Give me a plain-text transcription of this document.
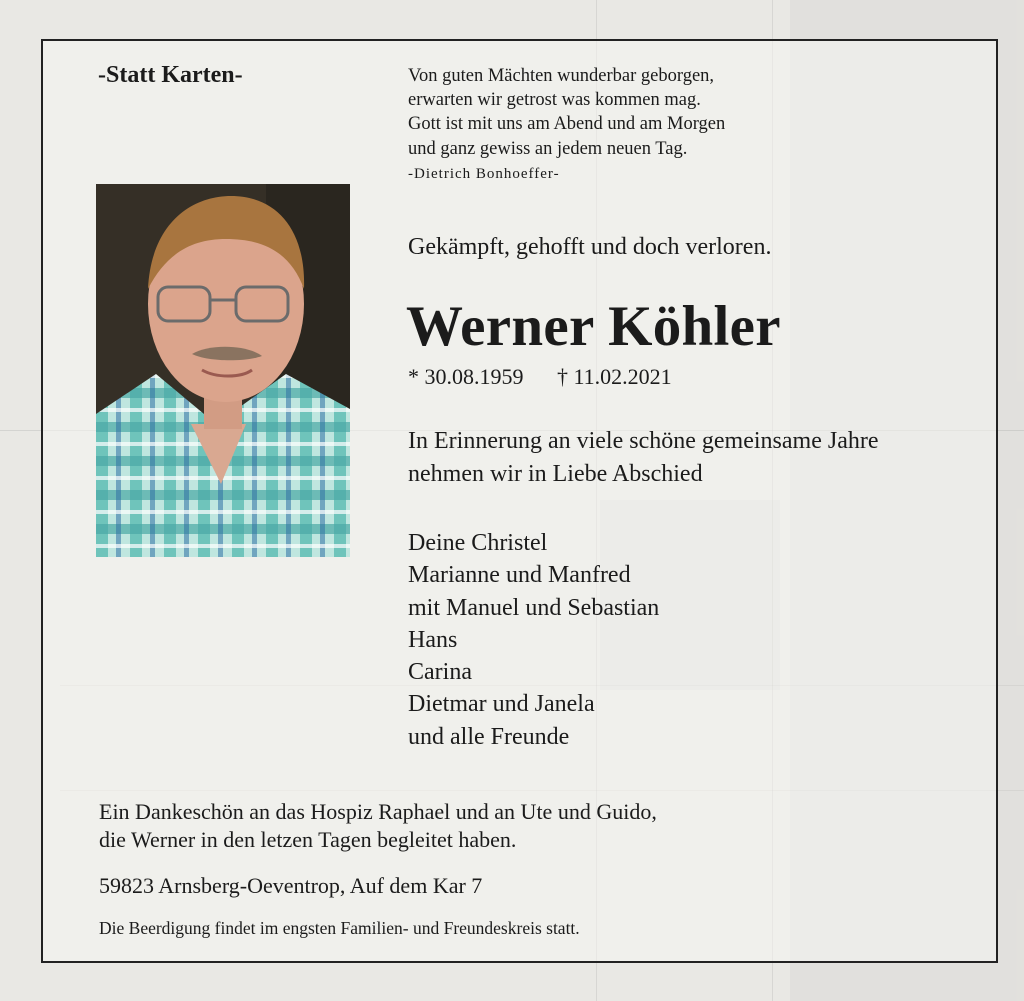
-Statt Karten-	Von guten Mächten wunderbar geborgen,
erwarten wir getrost was kommen mag.
Gott ist mit uns am Abend und am Morgen
und ganz gewiss an jedem neuen Tag.
-Dietrich Bonhoeffer-
Gekämpft, gehofft und doch verloren.
Werner Köhler
* 30.08.1959 † 11.02.2021
In Erinnerung an viele schöne gemeinsame Jahre
nehmen wir in Liebe Abschied
Deine Christel
Marianne und Manfred
mit Manuel und Sebastian
Hans
Carina
Dietmar und Janela
und alle Freunde
Ein Dankeschön an das Hospiz Raphael und an Ute und Guido,
die Werner in den letzen Tagen begleitet haben.
59823 Arnsberg-Oeventrop, Auf dem Kar 7
Die Beerdigung findet im engsten Familien- und Freundeskreis statt.
